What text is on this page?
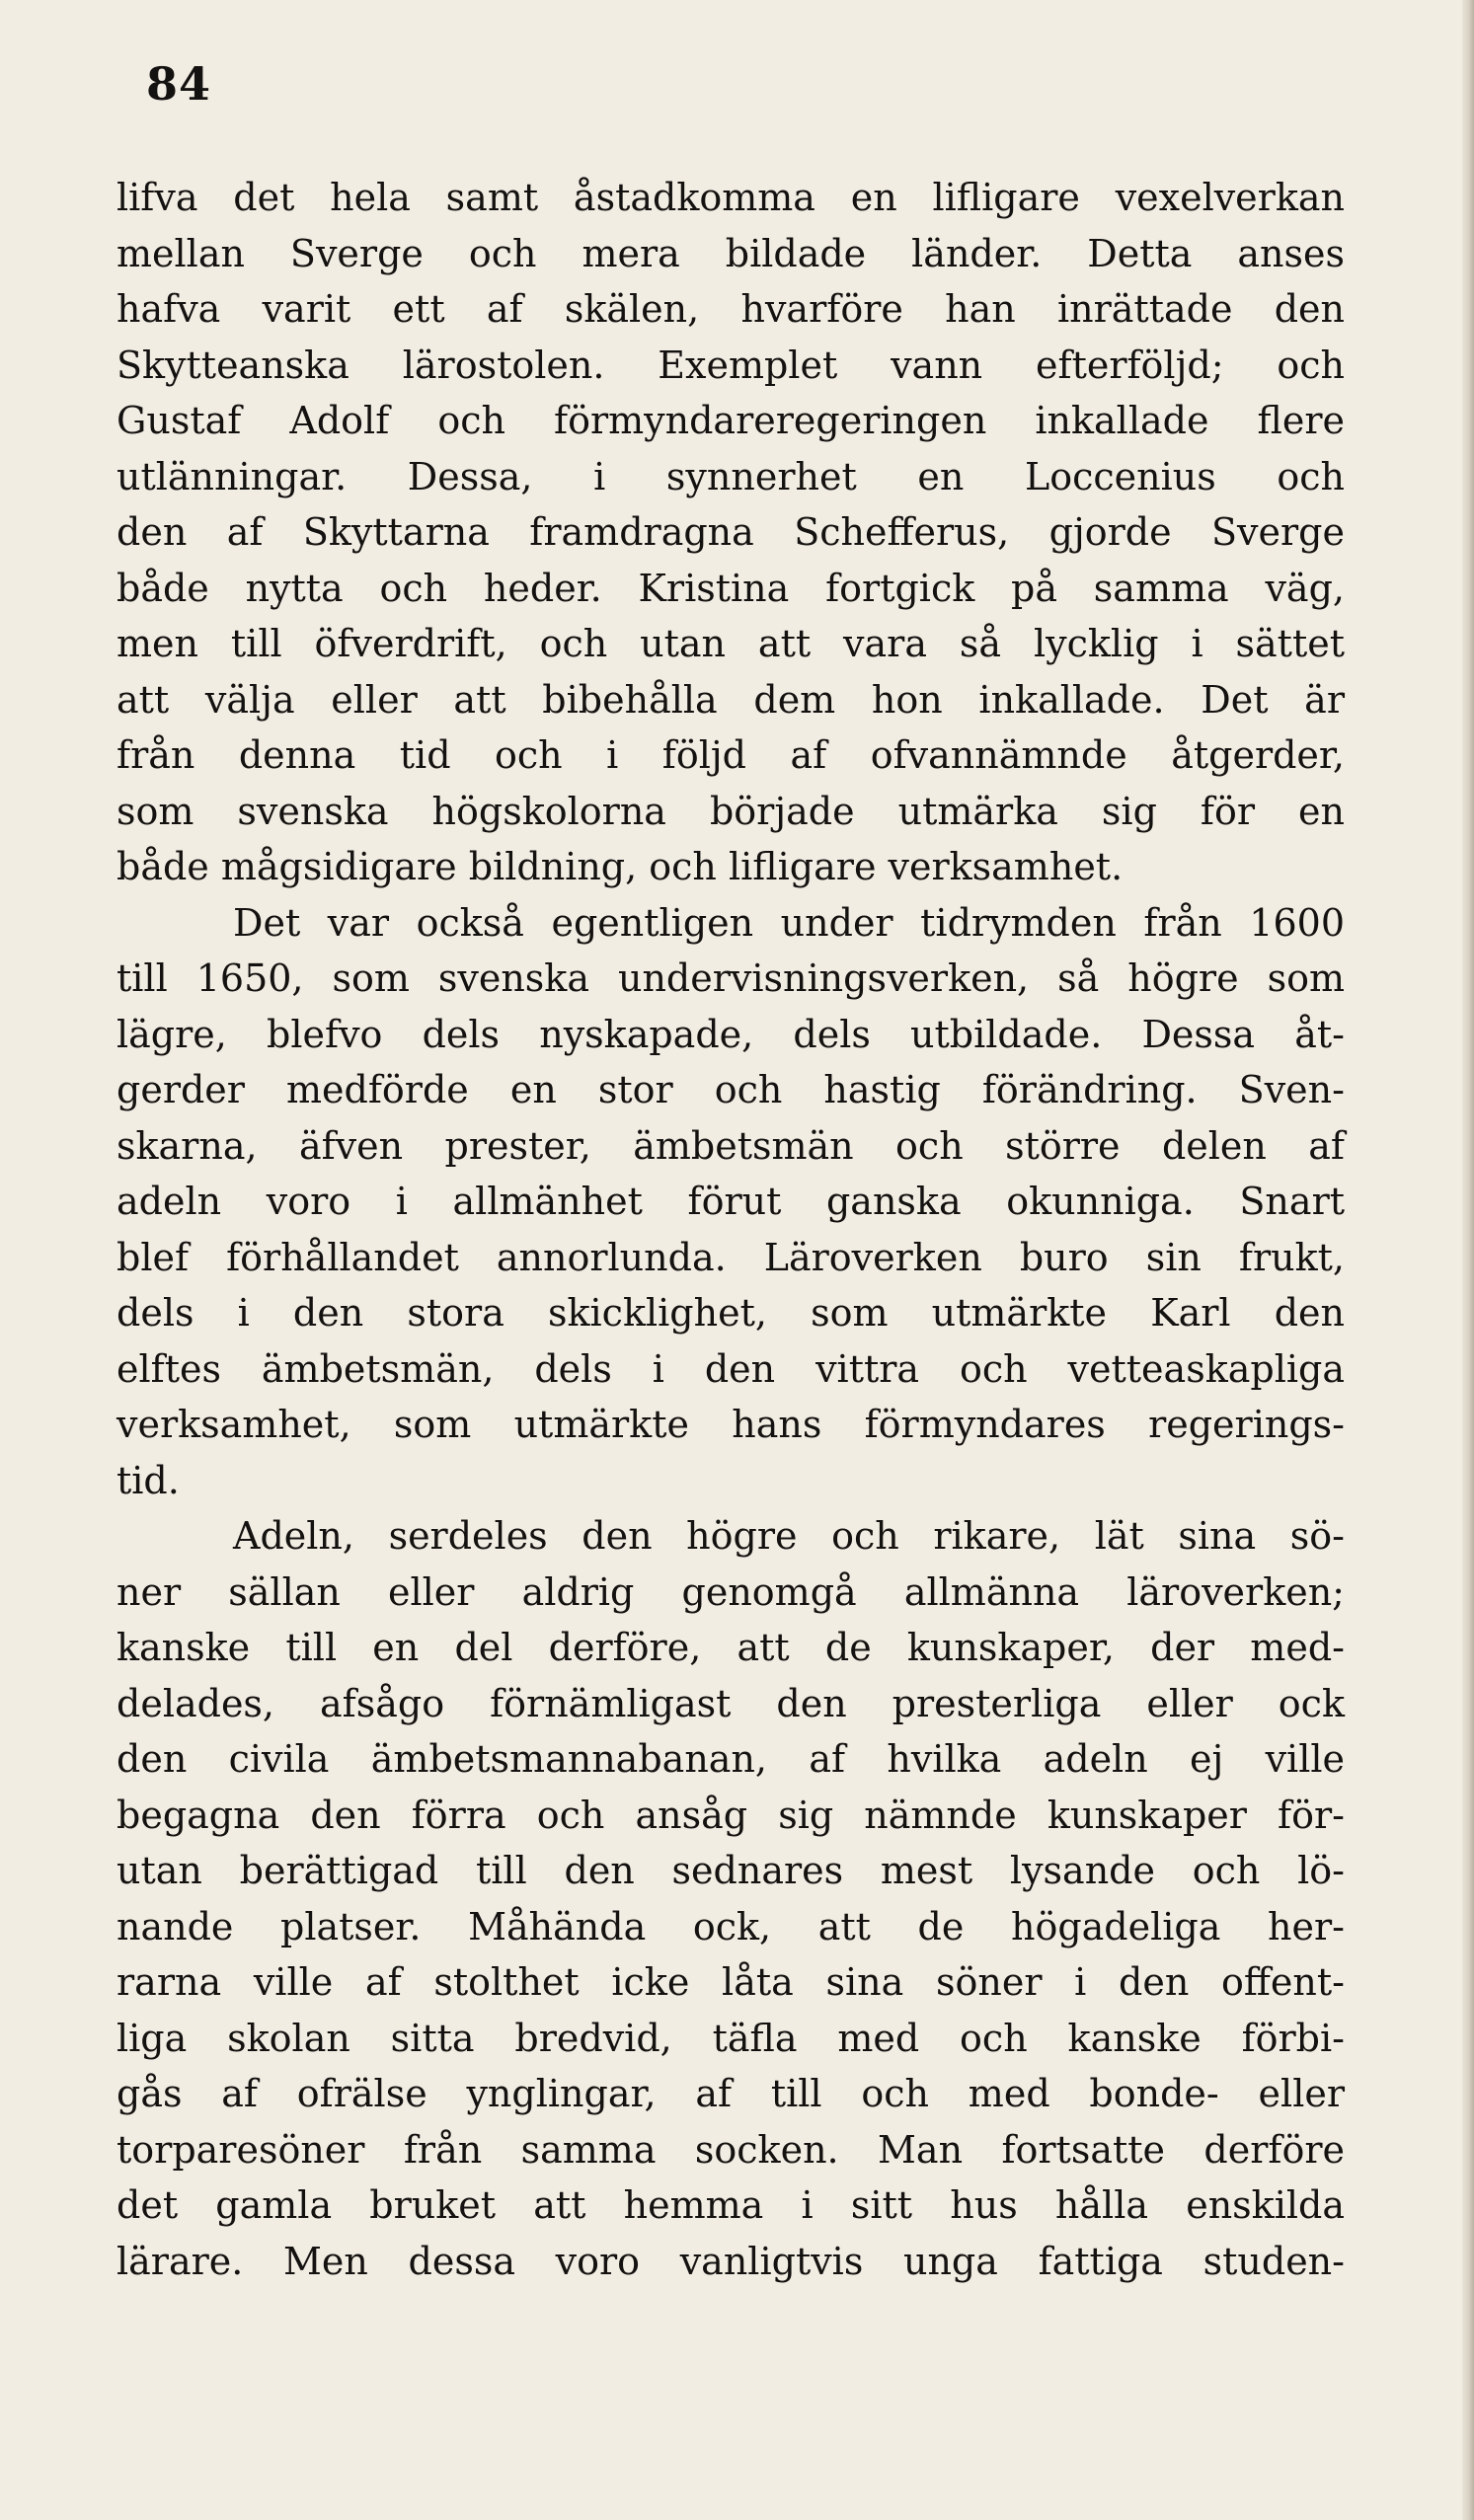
84
lifva det hela samt åstadkomma en lifligare vexelverkan
mellan Sverge och mera bildade länder. Detta anses
hafva varit ett af skälen, hvarföre han inrättade den
Skytteanska lärostolen. Exemplet vann efterföljd; och
Gustaf Adolf och förmyndareregeringen inkallade flere
utlänningar. Dessa, i synnerhet en Loccenius och
den af Skyttarna framdragna Schefferus, gjorde Sverge
både nytta och heder. Kristina fortgick på samma väg,
men till öfverdrift, och utan att vara så lycklig i sättet
att välja eller att bibehålla dem hon inkallade. Det är
från denna tid och i följd af ofvannämnde åtgerder,
som svenska högskolorna började utmärka sig för en
både mågsidigare bildning, och lifligare verksamhet.
Det var också egentligen under tidrymden från 1600
till 1650, som svenska undervisningsverken, så högre som
lägre, blefvo dels nyskapade, dels utbildade. Dessa åt-
gerder medförde en stor och hastig förändring. Sven-
skarna, äfven prester, ämbetsmän och större delen af
adeln voro i allmänhet förut ganska okunniga. Snart
blef förhållandet annorlunda. Läroverken buro sin frukt,
dels i den stora skicklighet, som utmärkte Karl den
elftes ämbetsmän, dels i den vittra och vetteaskapliga
verksamhet, som utmärkte hans förmyndares regerings-
tid.
Adeln, serdeles den högre och rikare, lät sina sö-
ner sällan eller aldrig genomgå allmänna läroverken;
kanske till en del derföre, att de kunskaper, der med-
delades, afsågo förnämligast den presterliga eller ock
den civila ämbetsmannabanan, af hvilka adeln ej ville
begagna den förra och ansåg sig nämnde kunskaper för-
utan berättigad till den sednares mest lysande och lö-
nande platser. Måhända ock, att de högadeliga her-
rarna ville af stolthet icke låta sina söner i den offent-
liga skolan sitta bredvid, täfla med och kanske förbi-
gås af ofrälse ynglingar, af till och med bonde- eller
torparesöner från samma socken. Man fortsatte derföre
det gamla bruket att hemma i sitt hus hålla enskilda
lärare. Men dessa voro vanligtvis unga fattiga studen-
